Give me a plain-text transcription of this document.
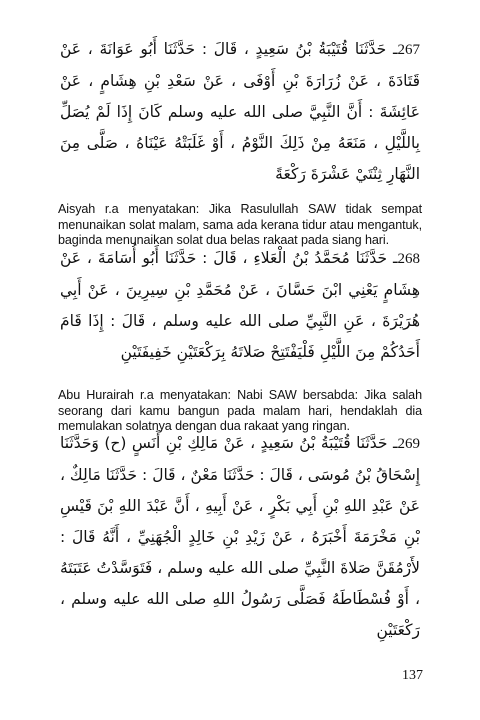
267ـ حَدَّثَنَا قُتَيْبَةُ بْنُ سَعِيدٍ ، قَالَ : حَدَّثَنَا أَبُو عَوَانَةَ ، عَنْ قَتَادَةَ ، عَنْ زُرَارَةَ بْنِ أَوْفَى ، عَنْ سَعْدِ بْنِ هِشَامٍ ، عَنْ عَائِشَةَ : أَنَّ النَّبِيَّ صلى الله عليه وسلم كَانَ إِذَا لَمْ يُصَلِّ بِاللَّيْلِ ، مَنَعَهُ مِنْ ذَلِكَ النَّوْمُ ، أَوْ غَلَبَتْهُ عَيْنَاهُ ، صَلَّى مِنَ النَّهَارِ ثِنْتَيْ عَشْرَةَ رَكْعَةً
Aisyah r.a menyatakan: Jika Rasulullah SAW tidak sempat menunaikan solat malam, sama ada kerana tidur atau mengantuk, baginda menunaikan solat dua belas rakaat pada siang hari.
268ـ حَدَّثَنَا مُحَمَّدُ بْنُ الْعَلاءِ ، قَالَ : حَدَّثَنَا أَبُو أُسَامَةَ ، عَنْ هِشَامٍ يَعْنِي ابْنَ حَسَّانَ ، عَنْ مُحَمَّدِ بْنِ سِيرِينَ ، عَنْ أَبِي هُرَيْرَةَ ، عَنِ النَّبِيِّ صلى الله عليه وسلم ، قَالَ : إِذَا قَامَ أَحَدُكُمْ مِنَ اللَّيْلِ فَلْيَفْتَتِحْ صَلاتَهُ بِرَكْعَتَيْنِ خَفِيفَتَيْنِ
Abu Hurairah r.a menyatakan: Nabi SAW bersabda: Jika salah seorang dari kamu bangun pada malam hari, hendaklah dia memulakan solatnya dengan dua rakaat yang ringan.
269ـ حَدَّثَنَا قُتَيْبَةُ بْنُ سَعِيدٍ ، عَنْ مَالِكِ بْنِ أَنَسٍ (ح) وَحَدَّثَنَا إِسْحَاقُ بْنُ مُوسَى ، قَالَ : حَدَّثَنَا مَعْنٌ ، قَالَ : حَدَّثَنَا مَالِكٌ ، عَنْ عَبْدِ اللهِ بْنِ أَبِي بَكْرٍ ، عَنْ أَبِيهِ ، أَنَّ عَبْدَ اللهِ بْنَ قَيْسِ بْنِ مَخْرَمَةَ أَخْبَرَهُ ، عَنْ زَيْدِ بْنِ خَالِدٍ الْجُهَنِيِّ ، أَنَّهُ قَالَ : لأَرْمُقَنَّ صَلاةَ النَّبِيِّ صلى الله عليه وسلم ، فَتَوَسَّدْتُ عَتَبَتَهُ ، أَوْ فُسْطَاطَهُ فَصَلَّى رَسُولُ اللهِ صلى الله عليه وسلم ، رَكْعَتَيْنِ
137
